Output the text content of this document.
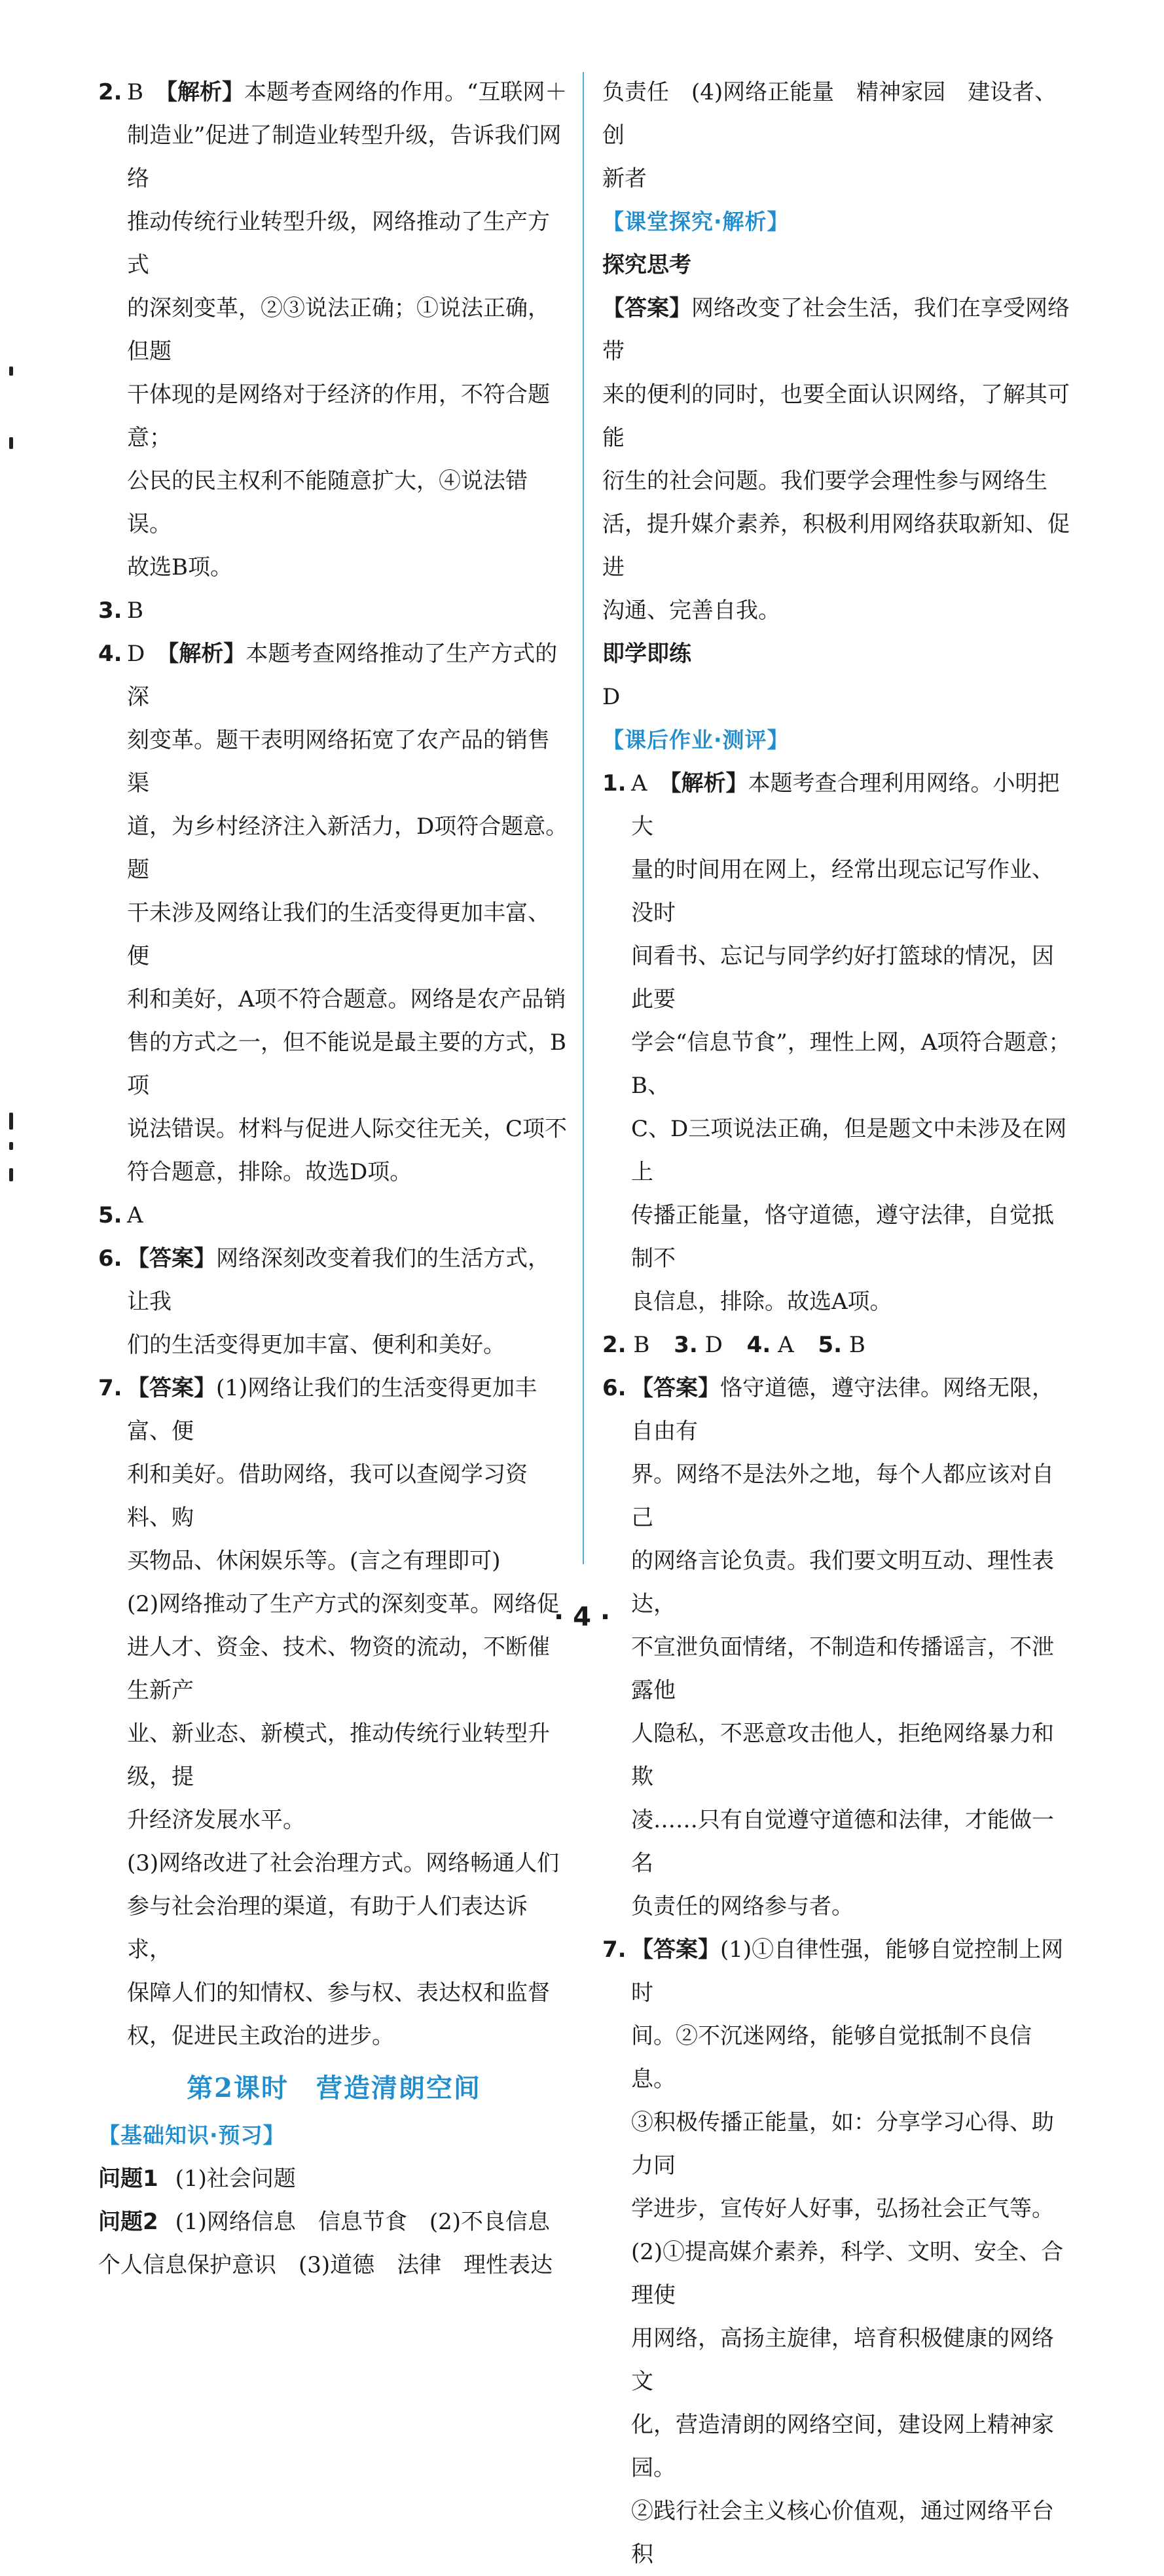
2. B 【解析】本题考查网络的作用。“互联网＋
制造业”促进了制造业转型升级，告诉我们网络
推动传统行业转型升级，网络推动了生产方式
的深刻变革，②③说法正确；①说法正确，但题
干体现的是网络对于经济的作用，不符合题意；
公民的民主权利不能随意扩大，④说法错误。
故选B项。
3. B
4. D 【解析】本题考查网络推动了生产方式的深
刻变革。题干表明网络拓宽了农产品的销售渠
道，为乡村经济注入新活力，D项符合题意。题
干未涉及网络让我们的生活变得更加丰富、便
利和美好，A项不符合题意。网络是农产品销
售的方式之一，但不能说是最主要的方式，B项
说法错误。材料与促进人际交往无关，C项不
符合题意，排除。故选D项。
5. A
6. 【答案】网络深刻改变着我们的生活方式，让我
们的生活变得更加丰富、便利和美好。
7. 【答案】(1)网络让我们的生活变得更加丰富、便
利和美好。借助网络，我可以查阅学习资料、购
买物品、休闲娱乐等。(言之有理即可)
(2)网络推动了生产方式的深刻变革。网络促
进人才、资金、技术、物资的流动，不断催生新产
业、新业态、新模式，推动传统行业转型升级，提
升经济发展水平。
(3)网络改进了社会治理方式。网络畅通人们
参与社会治理的渠道，有助于人们表达诉求，
保障人们的知情权、参与权、表达权和监督
权，促进民主政治的进步。
第2课时　营造清朗空间
【基础知识·预习】
问题1 (1)社会问题
问题2 (1)网络信息　信息节食　(2)不良信息
个人信息保护意识　(3)道德　法律　理性表达
负责任　(4)网络正能量　精神家园　建设者、创
新者
【课堂探究·解析】
探究思考
【答案】网络改变了社会生活，我们在享受网络带
来的便利的同时，也要全面认识网络，了解其可能
衍生的社会问题。我们要学会理性参与网络生
活，提升媒介素养，积极利用网络获取新知、促进
沟通、完善自我。
即学即练
D
【课后作业·测评】
1. A 【解析】本题考查合理利用网络。小明把大
量的时间用在网上，经常出现忘记写作业、没时
间看书、忘记与同学约好打篮球的情况，因此要
学会“信息节食”，理性上网，A项符合题意；B、
C、D三项说法正确，但是题文中未涉及在网上
传播正能量，恪守道德，遵守法律，自觉抵制不
良信息，排除。故选A项。
2. B 3. D 4. A 5. B
6. 【答案】恪守道德，遵守法律。网络无限，自由有
界。网络不是法外之地，每个人都应该对自己
的网络言论负责。我们要文明互动、理性表达，
不宣泄负面情绪，不制造和传播谣言，不泄露他
人隐私，不恶意攻击他人，拒绝网络暴力和欺
凌……只有自觉遵守道德和法律，才能做一名
负责任的网络参与者。
7. 【答案】(1)①自律性强，能够自觉控制上网时
间。②不沉迷网络，能够自觉抵制不良信息。
③积极传播正能量，如：分享学习心得、助力同
学进步，宣传好人好事，弘扬社会正气等。
(2)①提高媒介素养，科学、文明、安全、合理使
用网络，高扬主旋律，培育积极健康的网络文
化，营造清朗的网络空间，建设网上精神家园。
②践行社会主义核心价值观，通过网络平台积
· 4 ·
